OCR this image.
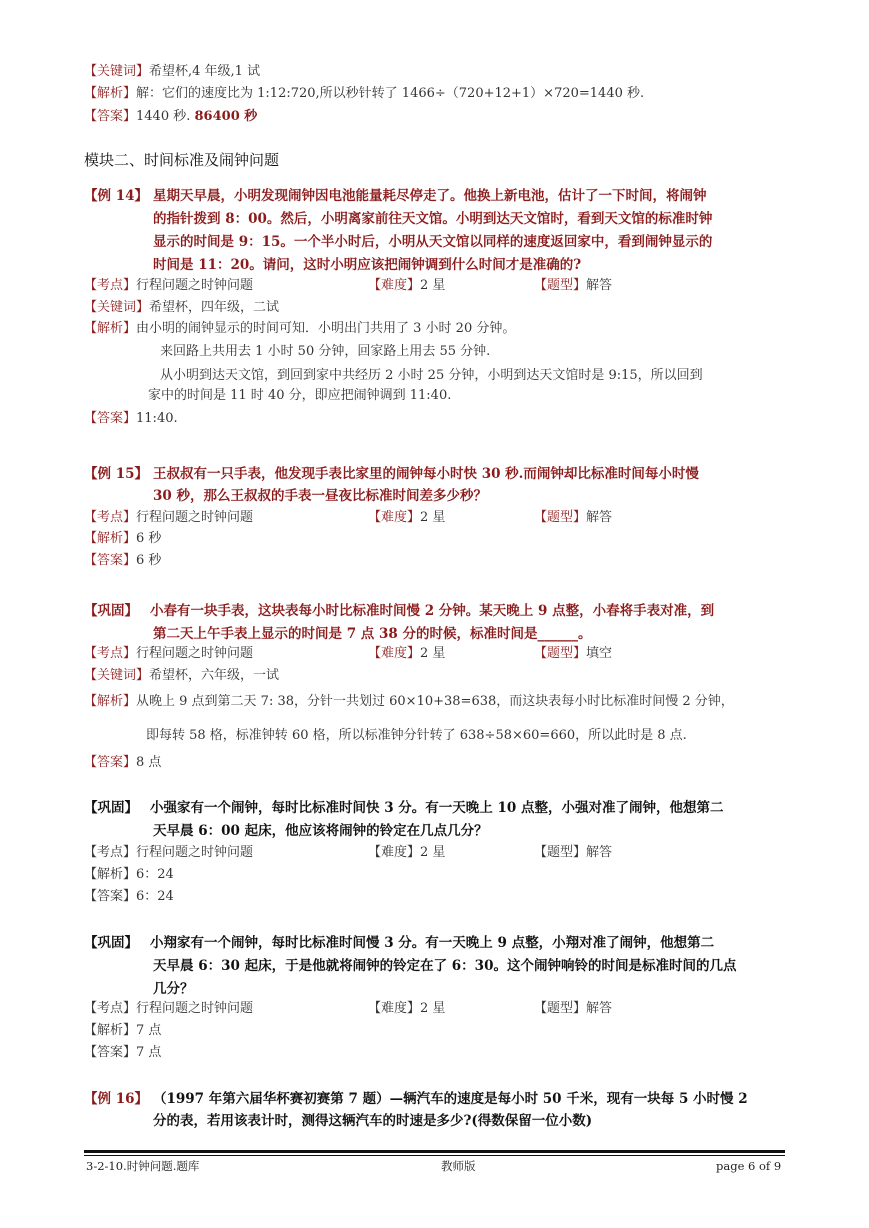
【关键词】希望杯,4 年级,1 试
【解析】解：它们的速度比为 1:12:720,所以秒针转了 1466÷（720+12+1）×720=1440 秒.
【答案】1440 秒. 86400 秒
模块二、时间标准及闹钟问题
【例 14】 星期天早晨，小明发现闹钟因电池能量耗尽停走了。他换上新电池，估计了一下时间，将闹钟
的指针拨到 8：00。然后，小明离家前往天文馆。小明到达天文馆时，看到天文馆的标准时钟
显示的时间是 9：15。一个半小时后，小明从天文馆以同样的速度返回家中，看到闹钟显示的
时间是 11：20。请问，这时小明应该把闹钟调到什么时间才是准确的?
【考点】行程问题之时钟问题	【难度】2 星	【题型】解答
【关键词】希望杯，四年级，二试
【解析】由小明的闹钟显示的时间可知．小明出门共用了 3 小时 20 分钟。
来回路上共用去 1 小时 50 分钟，回家路上用去 55 分钟.
从小明到达天文馆，到回到家中共经历 2 小时 25 分钟，小明到达天文馆时是 9:15，所以回到
家中的时间是 11 时 40 分，即应把闹钟调到 11:40.
【答案】11:40.
【例 15】 王叔叔有一只手表，他发现手表比家里的闹钟每小时快 30 秒.而闹钟却比标准时间每小时慢
30 秒，那么王叔叔的手表一昼夜比标准时间差多少秒？
【考点】行程问题之时钟问题	【难度】2 星	【题型】解答
【解析】6 秒
【答案】6 秒
【巩固】 小春有一块手表，这块表每小时比标准时间慢 2 分钟。某天晚上 9 点整，小春将手表对准，到
第二天上午手表上显示的时间是 7 点 38 分的时候，标准时间是______。
【考点】行程问题之时钟问题	【难度】2 星	【题型】填空
【关键词】希望杯，六年级，一试
【解析】从晚上 9 点到第二天 7: 38，分针一共划过 60×10+38=638，而这块表每小时比标准时间慢 2 分钟，
即每转 58 格，标准钟转 60 格，所以标准钟分针转了 638÷58×60=660，所以此时是 8 点.
【答案】8 点
【巩固】 小强家有一个闹钟，每时比标准时间快 3 分。有一天晚上 10 点整，小强对准了闹钟，他想第二
天早晨 6：00 起床，他应该将闹钟的铃定在几点几分？
【考点】行程问题之时钟问题	【难度】2 星	【题型】解答
【解析】6：24
【答案】6：24
【巩固】 小翔家有一个闹钟，每时比标准时间慢 3 分。有一天晚上 9 点整，小翔对准了闹钟，他想第二
天早晨 6：30 起床，于是他就将闹钟的铃定在了 6：30。这个闹钟响铃的时间是标准时间的几点
几分？
【考点】行程问题之时钟问题	【难度】2 星	【题型】解答
【解析】7 点
【答案】7 点
【例 16】 （1997 年第六届华杯赛初赛第 7 题）—辆汽车的速度是每小时 50 千米，现有一块每 5 小时慢 2
分的表，若用该表计时，测得这辆汽车的时速是多少?(得数保留一位小数)
3-2-10.时钟问题.题库	教师版	page 6 of 9
